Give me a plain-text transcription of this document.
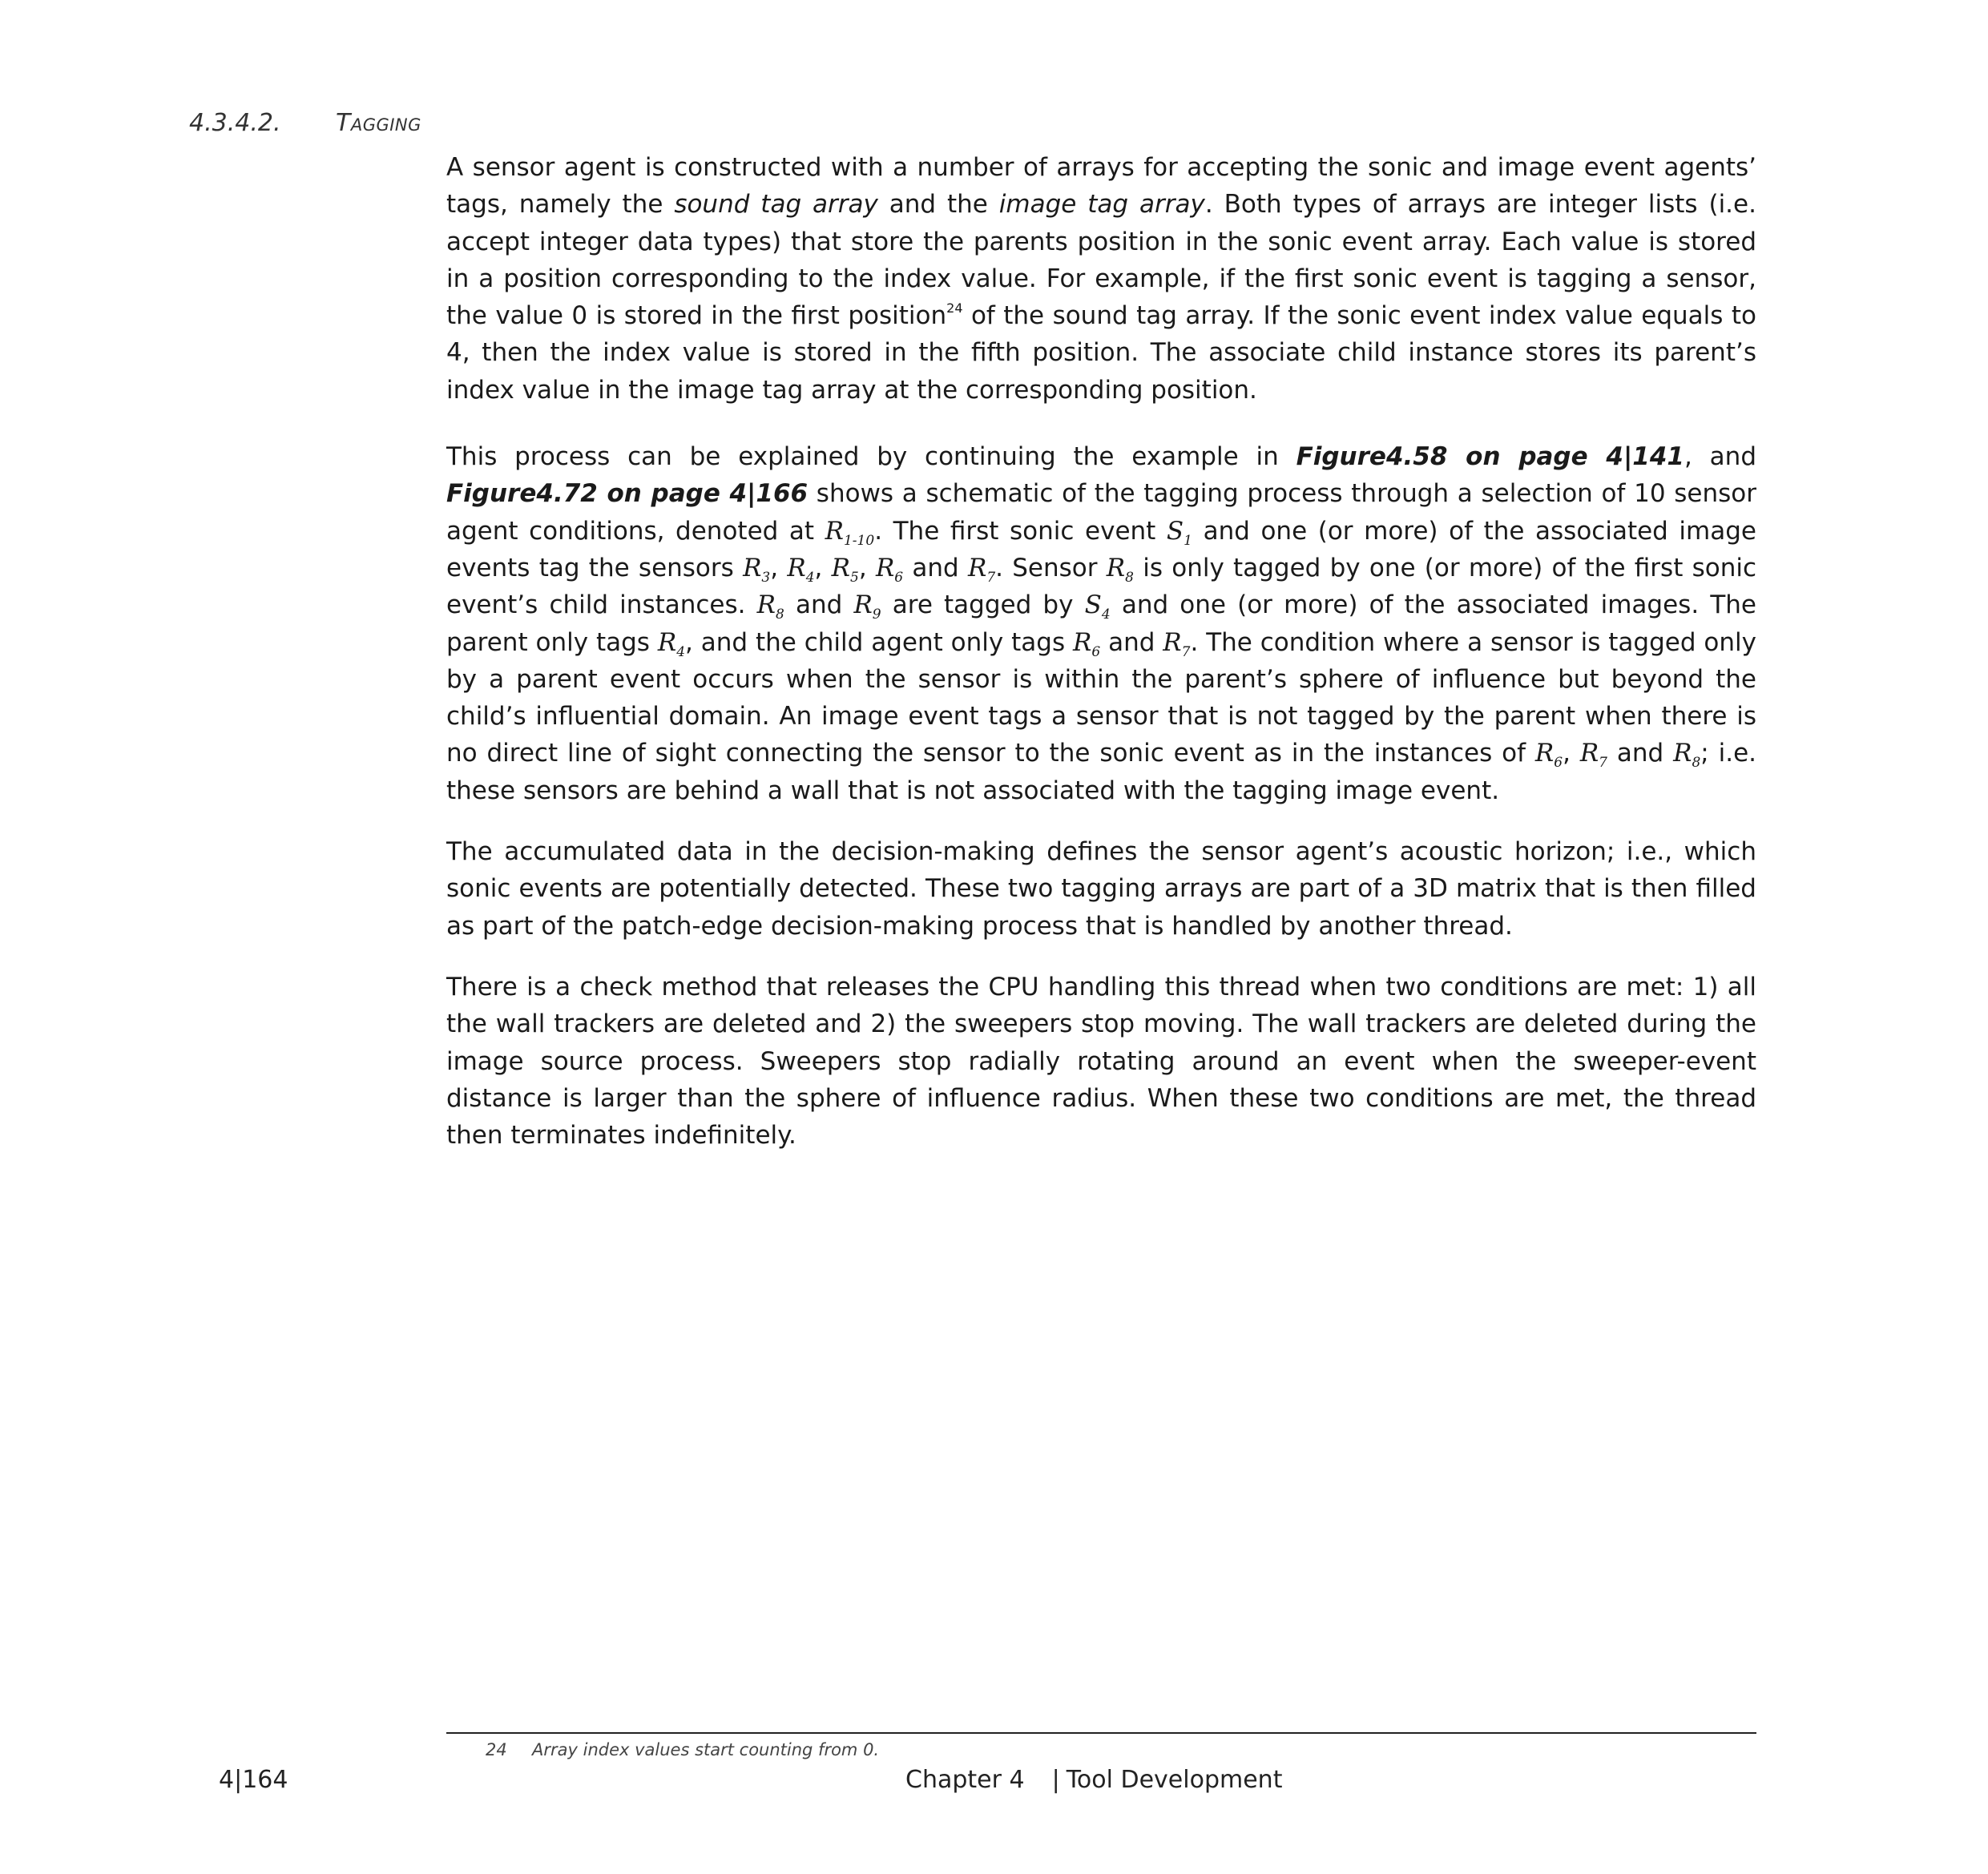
4.3.4.2. Tagging

A sensor agent is constructed with a number of arrays for accepting the sonic and image event agents’ tags, namely the sound tag array and the image tag array. Both types of arrays are integer lists (i.e. accept integer data types) that store the parents position in the sonic event array. Each value is stored in a position corresponding to the index value. For example, if the first sonic event is tagging a sensor, the value 0 is stored in the first position$^{24}$ of the sound tag array. If the sonic event index value equals to 4, then the index value is stored in the fifth position. The associate child instance stores its parent’s index value in the image tag array at the corresponding position.

This process can be explained by continuing the example in Figure4.58 on page 4|141, and Figure4.72 on page 4|166 shows a schematic of the tagging process through a selection of 10 sensor agent conditions, denoted at $R_{1-10}$. The first sonic event $S_1$ and one (or more) of the associated image events tag the sensors $R_3$, $R_4$, $R_5$, $R_6$ and $R_7$. Sensor $R_8$ is only tagged by one (or more) of the first sonic event’s child instances. $R_8$ and $R_9$ are tagged by $S_4$ and one (or more) of the associated images. The parent only tags $R_4$, and the child agent only tags $R_6$ and $R_7$. The condition where a sensor is tagged only by a parent event occurs when the sensor is within the parent’s sphere of influence but beyond the child’s influential domain. An image event tags a sensor that is not tagged by the parent when there is no direct line of sight connecting the sensor to the sonic event as in the instances of $R_6$, $R_7$ and $R_8$; i.e. these sensors are behind a wall that is not associated with the tagging image event.

The accumulated data in the decision-making defines the sensor agent’s acoustic horizon; i.e., which sonic events are potentially detected. These two tagging arrays are part of a 3D matrix that is then filled as part of the patch-edge decision-making process that is handled by another thread.

There is a check method that releases the CPU handling this thread when two conditions are met: 1) all the wall trackers are deleted and 2) the sweepers stop moving. The wall trackers are deleted during the image source process. Sweepers stop radially rotating around an event when the sweeper-event distance is larger than the sphere of influence radius. When these two conditions are met, the thread then terminates indefinitely.

24 Array index values start counting from 0.
4|164	Chapter 4 | Tool Development
